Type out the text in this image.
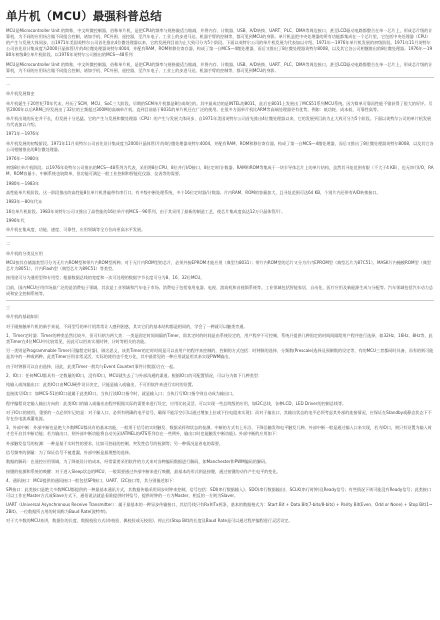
​
单片机（MCU）最强科普总结

MCU是Microcontroller Unit 的简称，中文叫微控制器，俗称单片机，是把CPU的频率与规格做适当缩减，并将内存、计数器、USB、A/D转换、UART、PLC、DMA等周边接口，甚至LCD驱动电路都整合在单一芯片上，形成芯片级的计算机，为不同的应用场合做不同组合控制，诸如手机、PC外围、遥控器，至汽车电子、工业上的步进马达、机器手臂的控制等，都可见到MCU的身影。单片机是把中央处理器的所有功能都集成在一个芯片里，它包括中央处理器（CPU）的产生与发展大体同步，自1971年美国英特尔公司首先推出4位微处理器以来，它的发展到目前为止大致可分为5个阶段。下面以英特尔公司的单片机发展为代表加以介绍。1971年～1976年单片机发展的初级阶段。1971年11月英特尔公司首先设计集成度为2000只晶体管/片的4位微处理器英特尔4004，并配有RAM、ROM和移位寄存器，构成了第一台MCS—4微处理器，而后又推出了8位微处理器英特尔8008，以及其它各公司相继推出的8位微处理器。1976年～1980年初级8位单片机阶段。以1976年英特尔公司推出的MCS—48系列

MCU是Microcontroller Unit 的简称，中文叫微控制器，俗称单片机，是把CPU的频率与规格做适当缩减，并将内存、计数器、USB、A/D转换、UART、PLC、DMA等周边接口，甚至LCD驱动电路都整合在单一芯片上，形成芯片级的计算机，为不同的应用场合做不同组合控制，诸如手机、PC外围、遥控器，至汽车电子、工业上的步进马达、机器手臂的控制等，都可见到MCU的身影。

一

单片机发展简史

单片机诞生于20世纪70年代末，经历了SCM、MCU、SoC三大阶段。早期的SCM单片机都是8位或4位的。其中最成功的是INTEL的8031，此后在8031上发展出了MCS51系列MCU系统。因为简单可靠而性能不错获得了很大的好评。尽管2000年以后ARM已经发展出了32位的主频超过300M的高端单片机，直到目前基于8031的单片机还在广泛的使用。在很多方面单片机比ARM等高端处理器更有优势，例如：低功耗、成本低、可靠性高等。

单片机出现的历史并不长，但发展十分迅猛。它的产生与发展和微处理器（CPU）的产生与发展大体同步，自1971年美国英特尔公司首先推出4位微处理器以来，它的发展到目前为止大致可分为5个阶段。下面以英特尔公司的单片机发展为代表加以介绍。

1971年～1976年

单片机发展的初级阶段。1971年11月英特尔公司首先设计集成度为2000只晶体管/片的4位微处理器英特尔4004，并配有RAM、ROM和移位寄存器，构成了第一台MCS—4微处理器，而后又推出了8位微处理器英特尔8008，以及其它各公司相继推出的8位微处理器。

1976年～1980年

初级8位单片机阶段。以1976年英特尔公司推出的MCS—48系列为代表，采用将8位CPU、8位并行I/O接口、8位定时/计数器、RAM和ROM等集成于一块半导体芯片上的单片结构，虽然其寻址范围有限（不大于4 KB），也无串行I/O，RAM、ROM容量小，中断系统也较简单，但功能可满足一般工业控制和智能化仪器、仪表等的需要。

1980年～1983年

高性能单片机阶段。这一阶段推出的高性能8位单片机普遍带有串行口，有多级中断处理系统，多个16位定时器/计数器。片内RAM、ROM的容量加大，且寻址范围可达64 KB，个别片内还带有A/D转换接口。

1983年～80年代末

16位单片机阶段。1983年英特尔公司又推出了高性能的16位单片机MCS－96系列，由于其采用了最新的制造工艺，使芯片集成度高达12万只晶体管/片。

1990年代

单片机在集成度、功能、速度、可靠性、应用领域等全方位向更高水平发展。

二

单片机的分类及应用

MCU按其存储器类型可分为无片内ROM型和带片内ROM型两种。对于无片内ROM型的芯片，必须外接EPROM才能应用（典型为8031）；带片内ROM型的芯片又分为片内EPROM型（典型芯片为87C51）、MASK片内掩模ROM型（典型芯片为8051）、片内Flash型（典型芯片为89C51）等类型。

按用途可分为通用型和专用型；根据数据总线的宽度和一次可处理的数据字节长度可分为8、16、32位MCU。

目前，国内MCU应用市场最广泛的是消费电子领域，其次是工业领域和汽车电子市场。消费电子包括家用电器、电视、游戏机和音视频系统等。工业领域包括智能家居、自动化、医疗应用及新能源生成与分配等。汽车领域包括汽车动力总成和安全控制系统等。

三

单片机的基础知识

对于刚接触单片机的新手来说，不同型号的单片机常常让人感到困惑，其实它们的基本结构都是相同的，学会了一种就可以触类旁通。

1、Timer定时器：Timer的种类虽然比较多，但可归纳为两大类：一类是固定时间间隔的Timer，即其定时的时间是由系统设定的，用户程序不可控制，系统只提供几种固定的时间间隔给用户程序进行选择，如32Hz、16Hz、8Hz等，此类Timer在4位MCU中比较常见，因此可以用来实现时钟、计时等相关的功能。

另一类则是Programmable Timer(可编程定时器)，顾名思义，该类Timer的定时时间是可以由用户的程序来控制的，控制的方式包括：时钟源的选择、分频数(Prescale)选择及预制数的设定等，有的MCU三者都同时具备，而有的则可能是其中的一种或两种。此类Timer应用非常灵活，实际的使用也千变万化，其中最常见的一种应用就是用其来实现PWM输出。

由于时钟源可以自由选择，因此，此类Timer一般均与Event Counter(事件计数器)合在一起。

2、IO口：任何MCU都具有一定数量的IO口，没有IO口，MCU就失去了与外部沟通的渠道。根据IO口的可配置情况，可以分为如下几种类型：

纯输入或纯输出口：此类IO口由MCU硬件设计决定，只能是输入或输出，不可用软件来进行实时的设置。

直接读写IO口：如MCS-51的IO口就属于此类IO口。当执行读IO口指令时，就是输入口；当执行写IO口指令则自动成为输出口。

程序编程设定输入输出方向的：此类IO口的输入或输出由程序根据实际的需要来进行设定，应用比较灵活，可以实现一些总线级的应用，如I2C总线、各种LCD、LED Driver的控制总线等。

对于IO口的使用，重要的一点必须牢记的是：对于输入口，必须有明确的电平信号，确保不能浮空(可以通过增加上拉或下拉电阻来实现)；而对于输出口，其输出状态的电平必须考虑其外部的连接情况，应保证在Standby或静态状态下不存在拉电流或灌电流。

3、外部中断：外部中断也是绝大多数MCU都具有的基本功能，一般用于信号的实时触发、数据采样和状态的检测。中断的方式有上升沿、下降沿触发和电平触发几种。外部中断一般是通过输入口来实现，若为IO口，则只有设置为输入时才会开启其中断功能；若为输出口，则外部中断功能将自动关闭(ATMEL的ATS系列存在一些例外，输出口时也能触发中断功能)。外部中断的应用如下：

外部触发信号的检测：一种是基于实时性的要求，比如可控硅的控制，突发性信号的检测等；另一种情况是省电的需要。

信号频率的测量：为了保证信号不被遗漏，外部中断是最理想的选择。

数据的解码：在遥控应用领域，为了降低设计的成本，经常需要采用软件的方式来对各种编码数据进行解码，如Manchester和PWM编码的解码。

按键的检测和系统的唤醒：对于进入Sleep状态的MCU，一般需要通过外部中断来进行唤醒，最基本的形式则是按键，通过按键的动作产生电平的变化。

4、通讯接口：MCU提供的通讯接口一般包括SPI接口、UART、I2C接口等，其分别描述如下：

SPI接口：此类接口是绝大多数MCU都提供的一种最基本通讯方式，其数据传输采用同步时钟来控制，信号包括：SDI(串行数据输入)、SDO(串行数据输出)、SCLK(串行时钟)及Ready信号；有些情况下则可能没有Ready信号；此类接口可以工作在Master方式或Slave方式下，通俗说法就是看谁提供时钟信号，提供时钟的一方为Master，相反的一方则为Slaver。

UART（Universal Asynchronous Receive Transmitter）：属于最基本的一种异步传输接口，其信号线只有Rx和Tx两条，基本的数据格式为：Start Bit + Data Bit(7-bits/8-bits) + Parity Bit(Even、Odd or None) + Stop Bit(1~2Bit)。一位数据所占用的时间称为Baud Rate(波特率)。

对于大多数的MCU来讲，数据位的长度、数据校验方式(奇校验、偶校验或无校验)、停止位(Stop Bit)的长度及Baud Rate是可以通过程序编程进行灵活设定。
